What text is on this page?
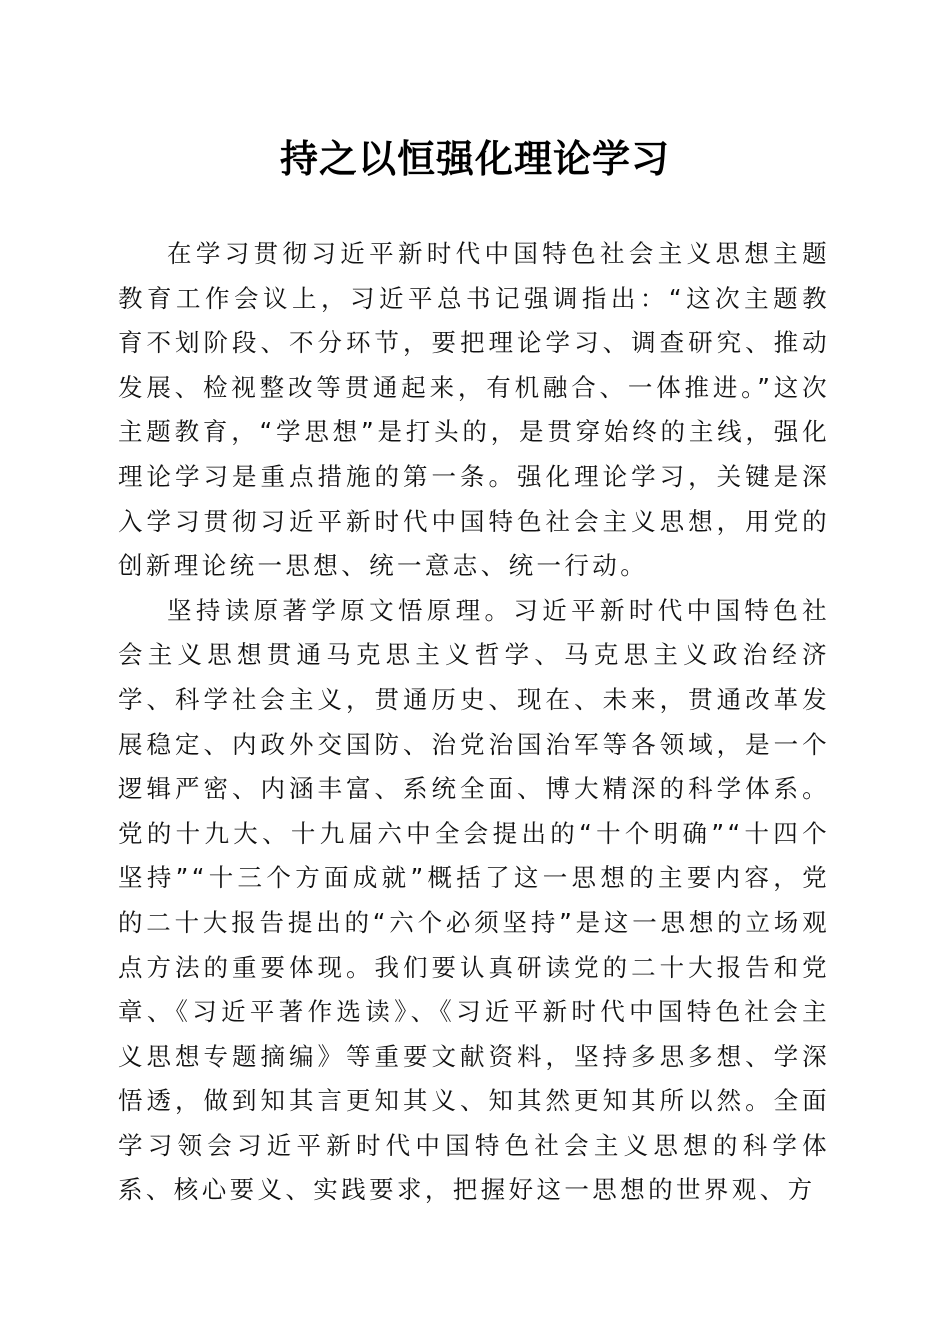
持之以恒强化理论学习

在学习贯彻习近平新时代中国特色社会主义思想主题教育工作会议上，习近平总书记强调指出：“这次主题教育不划阶段、不分环节，要把理论学习、调查研究、推动发展、检视整改等贯通起来，有机融合、一体推进。”这次主题教育，“学思想”是打头的，是贯穿始终的主线，强化理论学习是重点措施的第一条。强化理论学习，关键是深入学习贯彻习近平新时代中国特色社会主义思想，用党的创新理论统一思想、统一意志、统一行动。

坚持读原著学原文悟原理。习近平新时代中国特色社会主义思想贯通马克思主义哲学、马克思主义政治经济学、科学社会主义，贯通历史、现在、未来，贯通改革发展稳定、内政外交国防、治党治国治军等各领域，是一个逻辑严密、内涵丰富、系统全面、博大精深的科学体系。党的十九大、十九届六中全会提出的“十个明确”“十四个坚持”“十三个方面成就”概括了这一思想的主要内容，党的二十大报告提出的“六个必须坚持”是这一思想的立场观点方法的重要体现。我们要认真研读党的二十大报告和党章、《习近平著作选读》、《习近平新时代中国特色社会主义思想专题摘编》等重要文献资料，坚持多思多想、学深悟透，做到知其言更知其义、知其然更知其所以然。全面学习领会习近平新时代中国特色社会主义思想的科学体系、核心要义、实践要求，把握好这一思想的世界观、方
